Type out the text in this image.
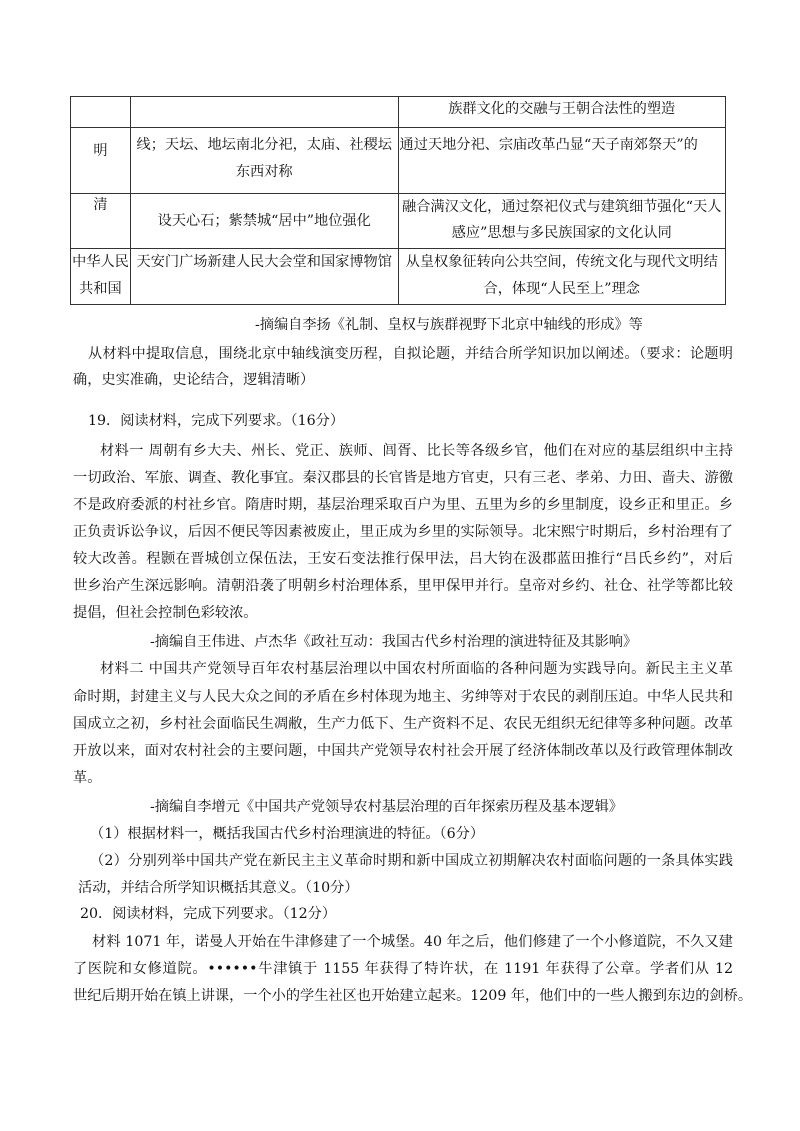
		族群文化的交融与王朝合法性的塑造
明	线；天坛、地坛南北分祀，太庙、社稷坛东西对称	通过天地分祀、宗庙改革凸显“天子南郊祭天”的
清	设天心石；紫禁城“居中”地位强化	融合满汉文化，通过祭祀仪式与建筑细节强化“天人感应”思想与多民族国家的文化认同
中华人民共和国	天安门广场新建人民大会堂和国家博物馆	从皇权象征转向公共空间，传统文化与现代文明结合，体现“人民至上”理念
-摘编自李扬《礼制、皇权与族群视野下北京中轴线的形成》等
从材料中提取信息，围绕北京中轴线演变历程，自拟论题，并结合所学知识加以阐述。（要求：论题明
确，史实准确，史论结合，逻辑清晰）
19．阅读材料，完成下列要求。（16分）
材料一 周朝有乡大夫、州长、党正、族师、闾胥、比长等各级乡官，他们在对应的基层组织中主持
一切政治、军旅、调查、教化事宜。秦汉郡县的长官皆是地方官吏，只有三老、孝弟、力田、啬夫、游徼
不是政府委派的村社乡官。隋唐时期，基层治理采取百户为里、五里为乡的乡里制度，设乡正和里正。乡
正负责诉讼争议，后因不便民等因素被废止，里正成为乡里的实际领导。北宋熙宁时期后，乡村治理有了
较大改善。程颢在晋城创立保伍法，王安石变法推行保甲法，吕大钧在汲郡蓝田推行“吕氏乡约”，对后
世乡治产生深远影响。清朝沿袭了明朝乡村治理体系，里甲保甲并行。皇帝对乡约、社仓、社学等都比较
提倡，但社会控制色彩较浓。
-摘编自王伟进、卢杰华《政社互动：我国古代乡村治理的演进特征及其影响》
材料二 中国共产党领导百年农村基层治理以中国农村所面临的各种问题为实践导向。新民主主义革
命时期，封建主义与人民大众之间的矛盾在乡村体现为地主、劣绅等对于农民的剥削压迫。中华人民共和
国成立之初，乡村社会面临民生凋敝，生产力低下、生产资料不足、农民无组织无纪律等多种问题。改革
开放以来，面对农村社会的主要问题，中国共产党领导农村社会开展了经济体制改革以及行政管理体制改
革。
-摘编自李增元《中国共产党领导农村基层治理的百年探索历程及基本逻辑》
（1）根据材料一，概括我国古代乡村治理演进的特征。（6分）
（2）分别列举中国共产党在新民主主义革命时期和新中国成立初期解决农村面临问题的一条具体实践
活动，并结合所学知识概括其意义。（10分）
20．阅读材料，完成下列要求。（12分）
材料 1071 年，诺曼人开始在牛津修建了一个城堡。40 年之后，他们修建了一个小修道院，不久又建
了医院和女修道院。••••••牛津镇于 1155 年获得了特许状，在 1191 年获得了公章。学者们从 12
世纪后期开始在镇上讲课，一个小的学生社区也开始建立起来。1209 年，他们中的一些人搬到东边的剑桥。
